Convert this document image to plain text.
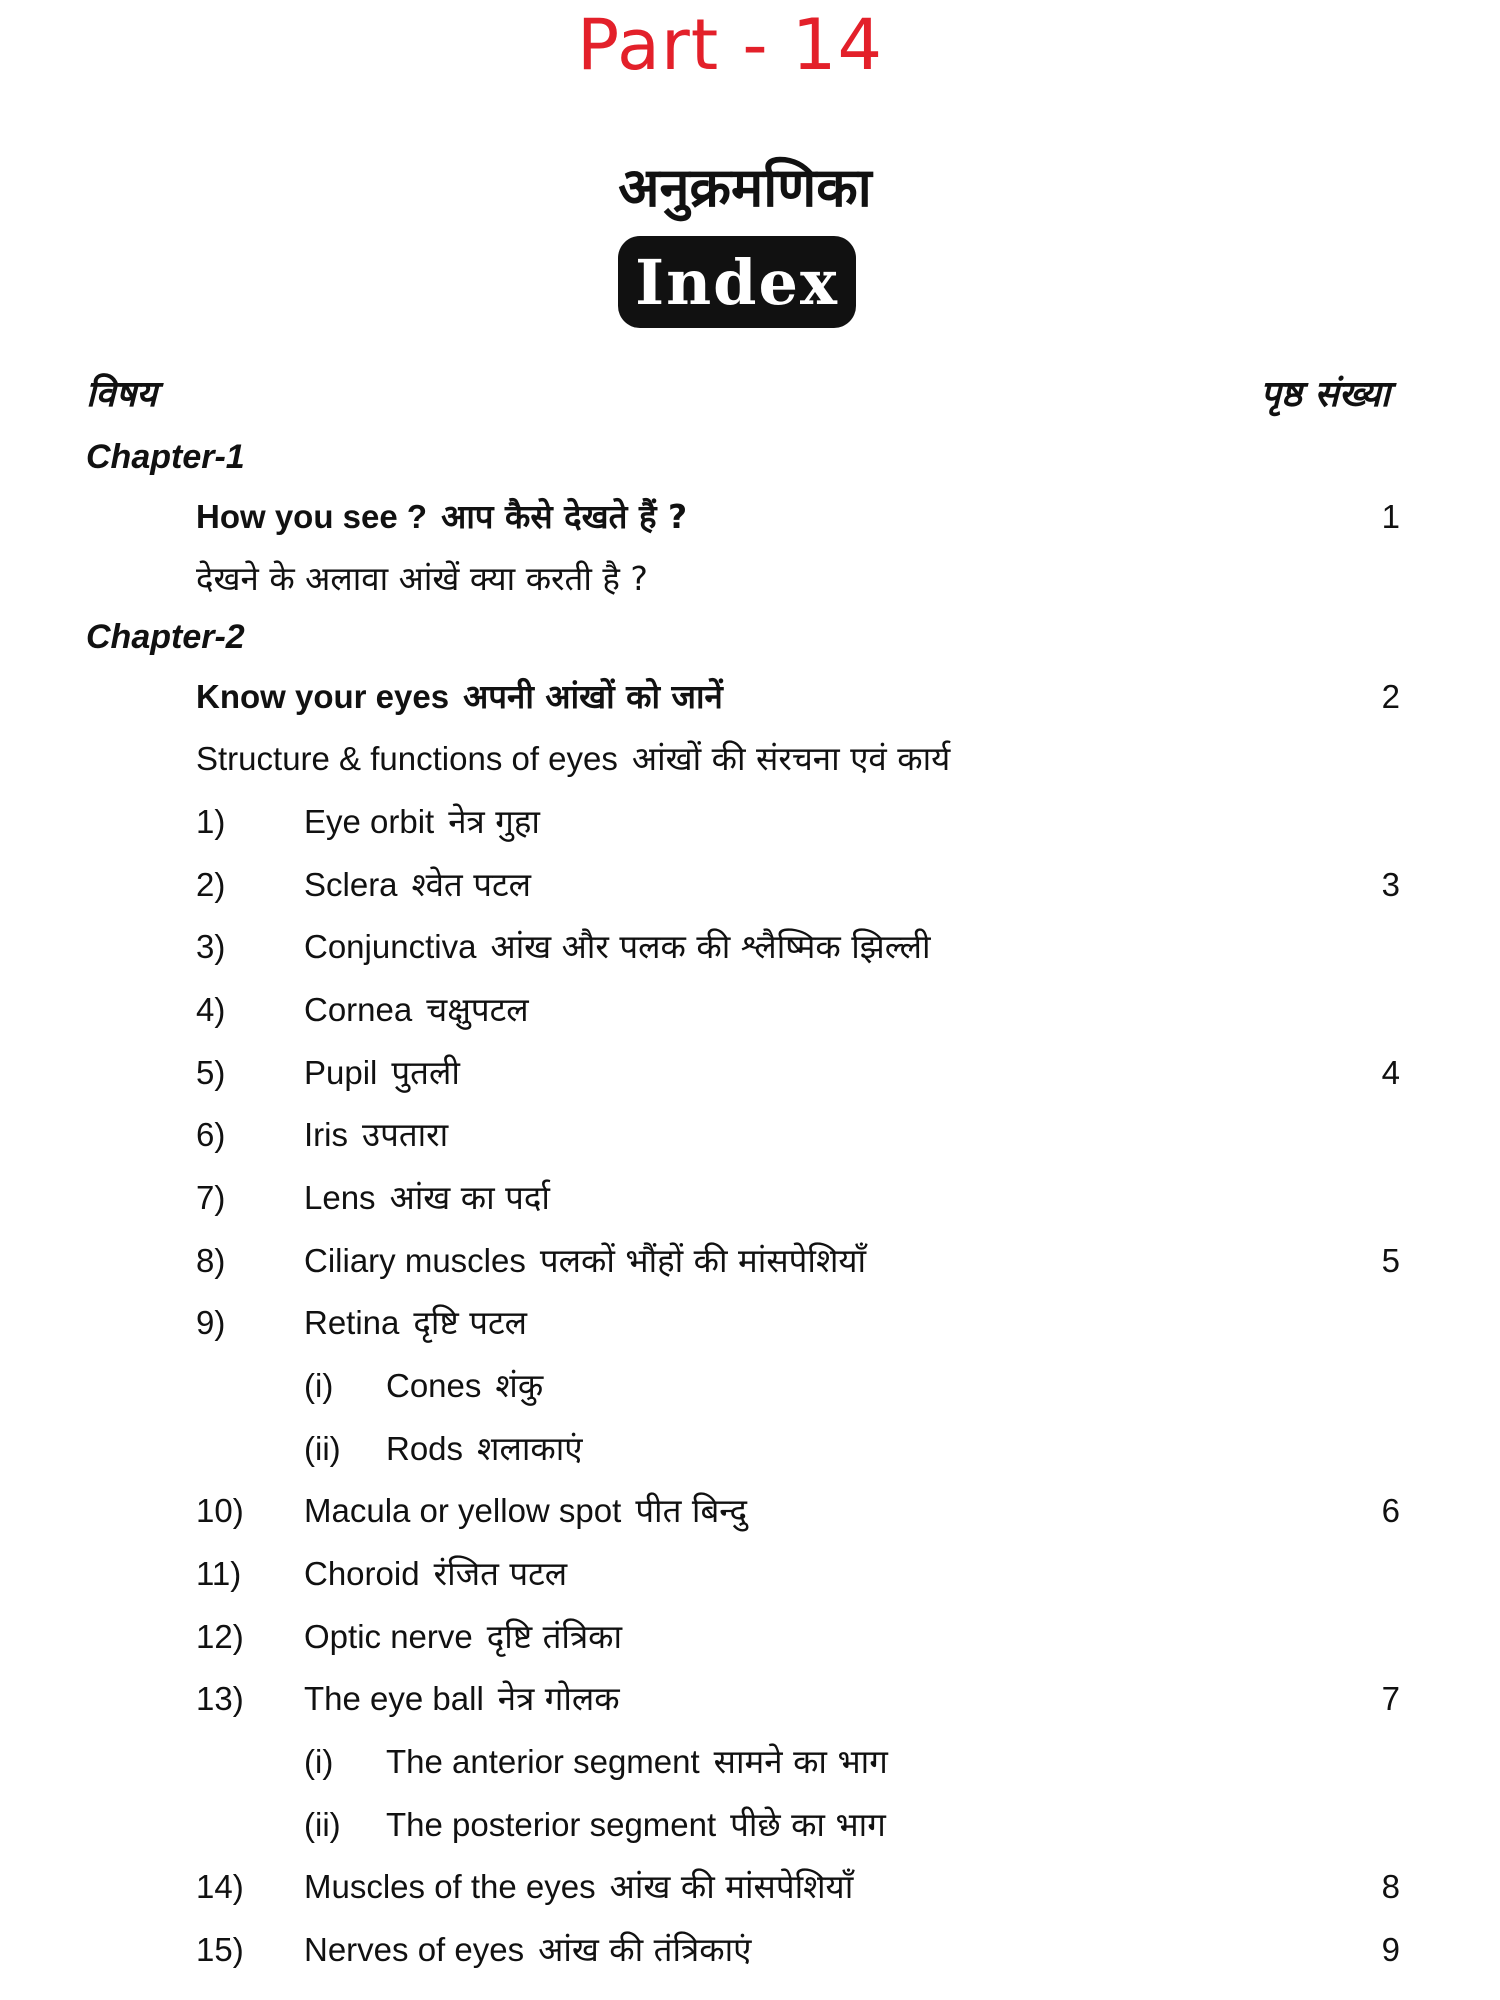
Part - 14
अनुक्रमणिका
Index
विषय	पृष्ठ संख्या
Chapter-1
How you see ? आप कैसे देखते हैं ?	1
देखने के अलावा आंखें क्या करती है ?
Chapter-2
Know your eyes अपनी आंखों को जानें	2
Structure & functions of eyes आंखों की संरचना एवं कार्य
1) Eye orbit नेत्र गुहा
2) Sclera श्वेत पटल	3
3) Conjunctiva आंख और पलक की श्लैष्मिक झिल्ली
4) Cornea चक्षुपटल
5) Pupil पुतली	4
6) Iris उपतारा
7) Lens आंख का पर्दा
8) Ciliary muscles पलकों भौंहों की मांसपेशियाँ	5
9) Retina दृष्टि पटल
(i) Cones शंकु
(ii) Rods शलाकाएं
10) Macula or yellow spot पीत बिन्दु	6
11) Choroid रंजित पटल
12) Optic nerve दृष्टि तंत्रिका
13) The eye ball नेत्र गोलक	7
(i) The anterior segment सामने का भाग
(ii) The posterior segment पीछे का भाग
14) Muscles of the eyes आंख की मांसपेशियाँ	8
15) Nerves of eyes आंख की तंत्रिकाएं	9
